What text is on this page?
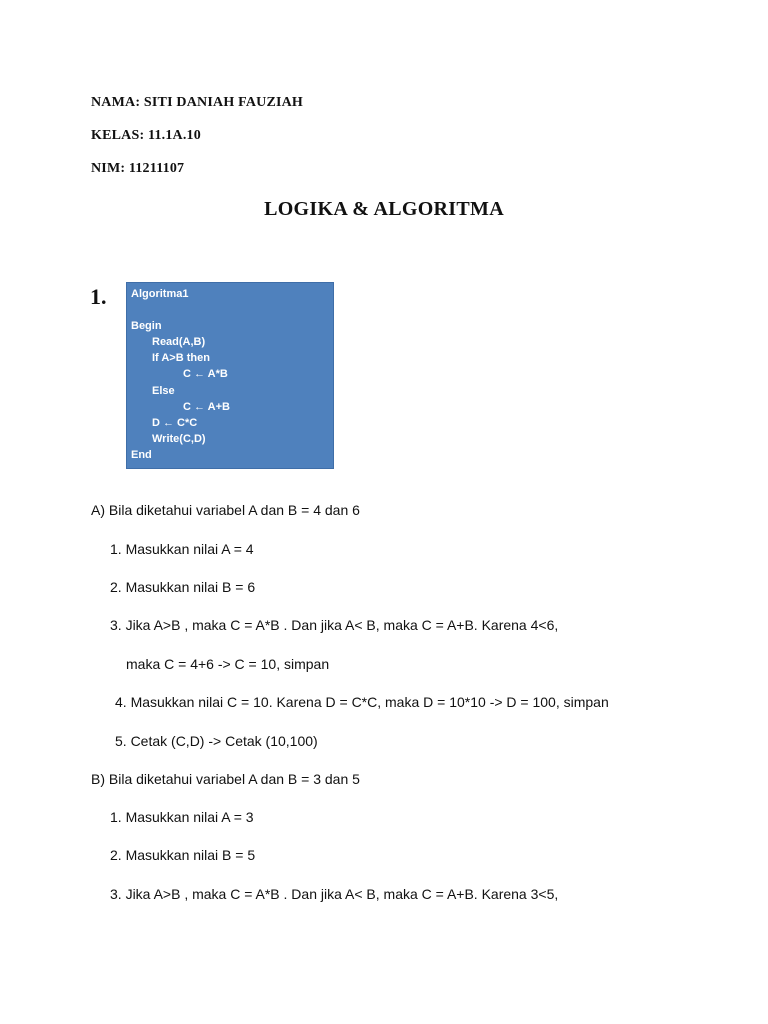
NAMA: SITI DANIAH FAUZIAH
KELAS: 11.1A.10
NIM: 11211107
LOGIKA & ALGORITMA
1. Algoritma1
Begin
Read(A,B)
If A>B then
C ← A*B
Else
C ← A+B
D ← C*C
Write(C,D)
End
A) Bila diketahui variabel A dan B = 4 dan 6
1. Masukkan nilai A = 4
2. Masukkan nilai B = 6
3. Jika A>B , maka C = A*B . Dan jika A< B, maka C = A+B. Karena 4<6,
maka C = 4+6 -> C = 10, simpan
4. Masukkan nilai C = 10. Karena D = C*C, maka D = 10*10 -> D = 100, simpan
5. Cetak (C,D) -> Cetak (10,100)
B) Bila diketahui variabel A dan B = 3 dan 5
1. Masukkan nilai A = 3
2. Masukkan nilai B = 5
3. Jika A>B , maka C = A*B . Dan jika A< B, maka C = A+B. Karena 3<5,
